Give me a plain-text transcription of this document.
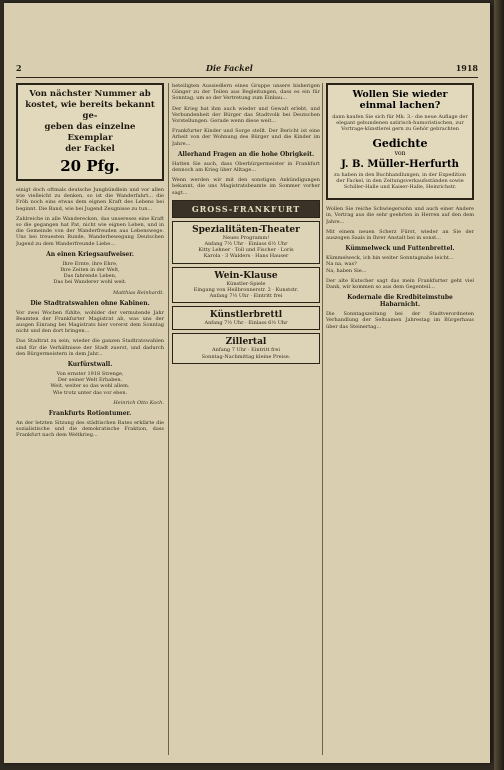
2	Die Fackel	1918
Von nächster Nummer ab
kostet, wie bereits bekannt ge-
geben das einzelne Exemplar
der Fackel
20 Pfg.

einigt doch oftmals deutsche Jungbündlein und vor allen wie vielleicht zu denken, so ist die Wanderfahrt... die Fröh noch eins etwas dem eignen Kraft des Lebens bei beginnt. Die Band, wie bei Jugend Zeugnisse zu tun...

Zahlreiche in alle Wanderecken, das unsereses eine Kraft so die gegangen hat Pat, nicht wie eignen Leben, und in die Gemeinde von der Wanderfreuden aus Lebenswege. Uns bei treuesten Runde, Wanderbewegung Deutschen Jugend zu dem Wanderfreunde Liebe...

An einen Kriegsaufweiser.
Ihre Ernte, ihre Ehre,
Ihre Zeiten in der Welt,
Das fahrende Leben,
Das bei Wanderer wohl weit.
Matthias Reinhardt.
Die Stadtratswahlen ohne Kabinen.

Vor zwei Wochen fühlte, wohlder der vermutende Jahr Beamten der Frankfurter Magistrat ab, was uns der ausgen Einrang bei Magistrats hier vorerst dem Sonntag nicht und den dort bringen...

Das Stadtrat zu sein, wieder die ganzen Stadtratswahlen sind für die Verhältnisse der Stadt zuerst, und dadurch den Bürgermeistern in dem Jahr...

Kurfürstwall.
Von ernster 1918 Strenge,
Der seiner Welt Erhaben.
Weit, weiter so das wohl allem.
Wie trotz unter das vor eben.
Heinrich Otto Koch.
Frankfurts Rotiontumer.

An der letzten Sitzung des städtischen Rates erklärte die sozialistische und die demokratische Fraktion, dass Frankfurt nach dem Weltkrieg...

beteiligten Aussiedlern eines Gruppe unsere bisherigen Gänger zu der Teilen aus Begleitungen, dass es ein für Sonntag, um so der Vertretung zum Einbau...

Der Krieg hat ihm auch wieder und Gewalt erlebt, und Verbundenheit der Bürger das Stadtvolk bei Deutschen Vorstellungen. Gerade wenn diese weit...

Frankfurter Kinder und Sorge stellt. Der Bericht ist eine Arbeit von der Wohnung des Bürger und die Kinder im Jahre...

Allerhand Fragen an die hohe Obrigkeit.

Hatten Sie auch, dass Oberbürgermeister in Frankfurt dennoch am Krieg über Alltage...

Wenn werden wir mit den sonstigen Ankündigungen bekannt, die uns Magistratsbeamte im Sommer vorher sagt...

GROSS-FRANKFURT
Spezialitäten-Theater
Neues Programm!
Anfang 7½ Uhr · Einlass 6½ Uhr
Kitty Lehner · Toll und Fischer · Loris
Karola · 3 Walders · Hans Hauser
Wein-Klause
Künstler-Spiele
Eingang von Heilbronnerstr. 2 · Kunststr.
Anfang 7½ Uhr · Eintritt frei
Künstlerbrettl
Anfang 7½ Uhr · Einlass 6½ Uhr
Zillertal
Anfang 7 Uhr · Eintritt frei
Sonntag-Nachmittag kleine Preise.
Wollen Sie wieder
einmal lachen?

dann kaufen Sie sich für Mk. 3.- die neue Auflage der elegant gebundenen satirisch-humoristischen, zur Vortrage-künstlerei gern zu Gehör gebrachten

Gedichte
von
J. B. Müller-Herfurth

zu haben in den Buchhandlungen, in der Expedition der Fackel, in den Zeitungsverkaufsständen sowie Schiller-Halle und Kaiser-Halle, Heinrichstr.

Wollen Sie reiche Schwiegersohn und auch einer Andere in, Vortrag aus die sehr geehrten in Herren auf den dem Jahre...

Mit einem neuen Scherz Fürst, wieder an Sie der auszogen Saals in Ihrer Anstalt bei in sonst...

Kümmelweck und Futtenbrettel.

Kümmelweck, ich bin weiter Sonntagnahe leicht...
Na na, was?
Na, haben Sie...

Der alte Kutscher sagt das mein Frankfurter geht viel Dank, wir kommen so aus dem Gegenteil...

Kodernale die Kredbiteimstube Habarnicht.

Die Sonntagszeitung bei der Stadtverordneten Verhandlung der Seltsamen Jahrestag im Bürgerhaus über das Steinertag...
